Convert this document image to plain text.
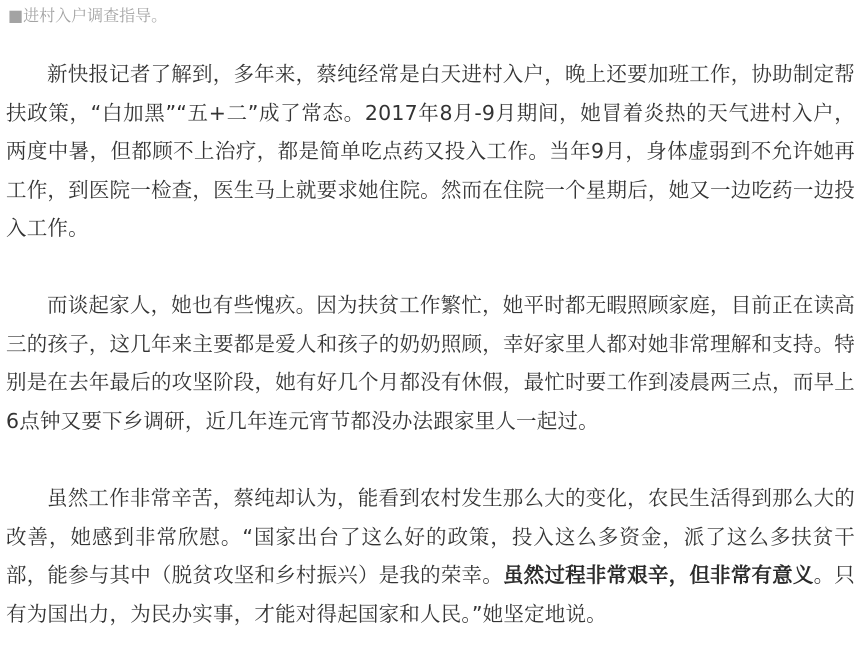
■进村入户调查指导。

新快报记者了解到，多年来，蔡纯经常是白天进村入户，晚上还要加班工作，协助制定帮扶政策，“白加黑”“五+二”成了常态。2017年8月-9月期间，她冒着炎热的天气进村入户，两度中暑，但都顾不上治疗，都是简单吃点药又投入工作。当年9月，身体虚弱到不允许她再工作，到医院一检查，医生马上就要求她住院。然而在住院一个星期后，她又一边吃药一边投入工作。

而谈起家人，她也有些愧疚。因为扶贫工作繁忙，她平时都无暇照顾家庭，目前正在读高三的孩子，这几年来主要都是爱人和孩子的奶奶照顾，幸好家里人都对她非常理解和支持。特别是在去年最后的攻坚阶段，她有好几个月都没有休假，最忙时要工作到凌晨两三点，而早上6点钟又要下乡调研，近几年连元宵节都没办法跟家里人一起过。

虽然工作非常辛苦，蔡纯却认为，能看到农村发生那么大的变化，农民生活得到那么大的改善，她感到非常欣慰。“国家出台了这么好的政策，投入这么多资金，派了这么多扶贫干部，能参与其中（脱贫攻坚和乡村振兴）是我的荣幸。虽然过程非常艰辛，但非常有意义。只有为国出力，为民办实事，才能对得起国家和人民。”她坚定地说。
